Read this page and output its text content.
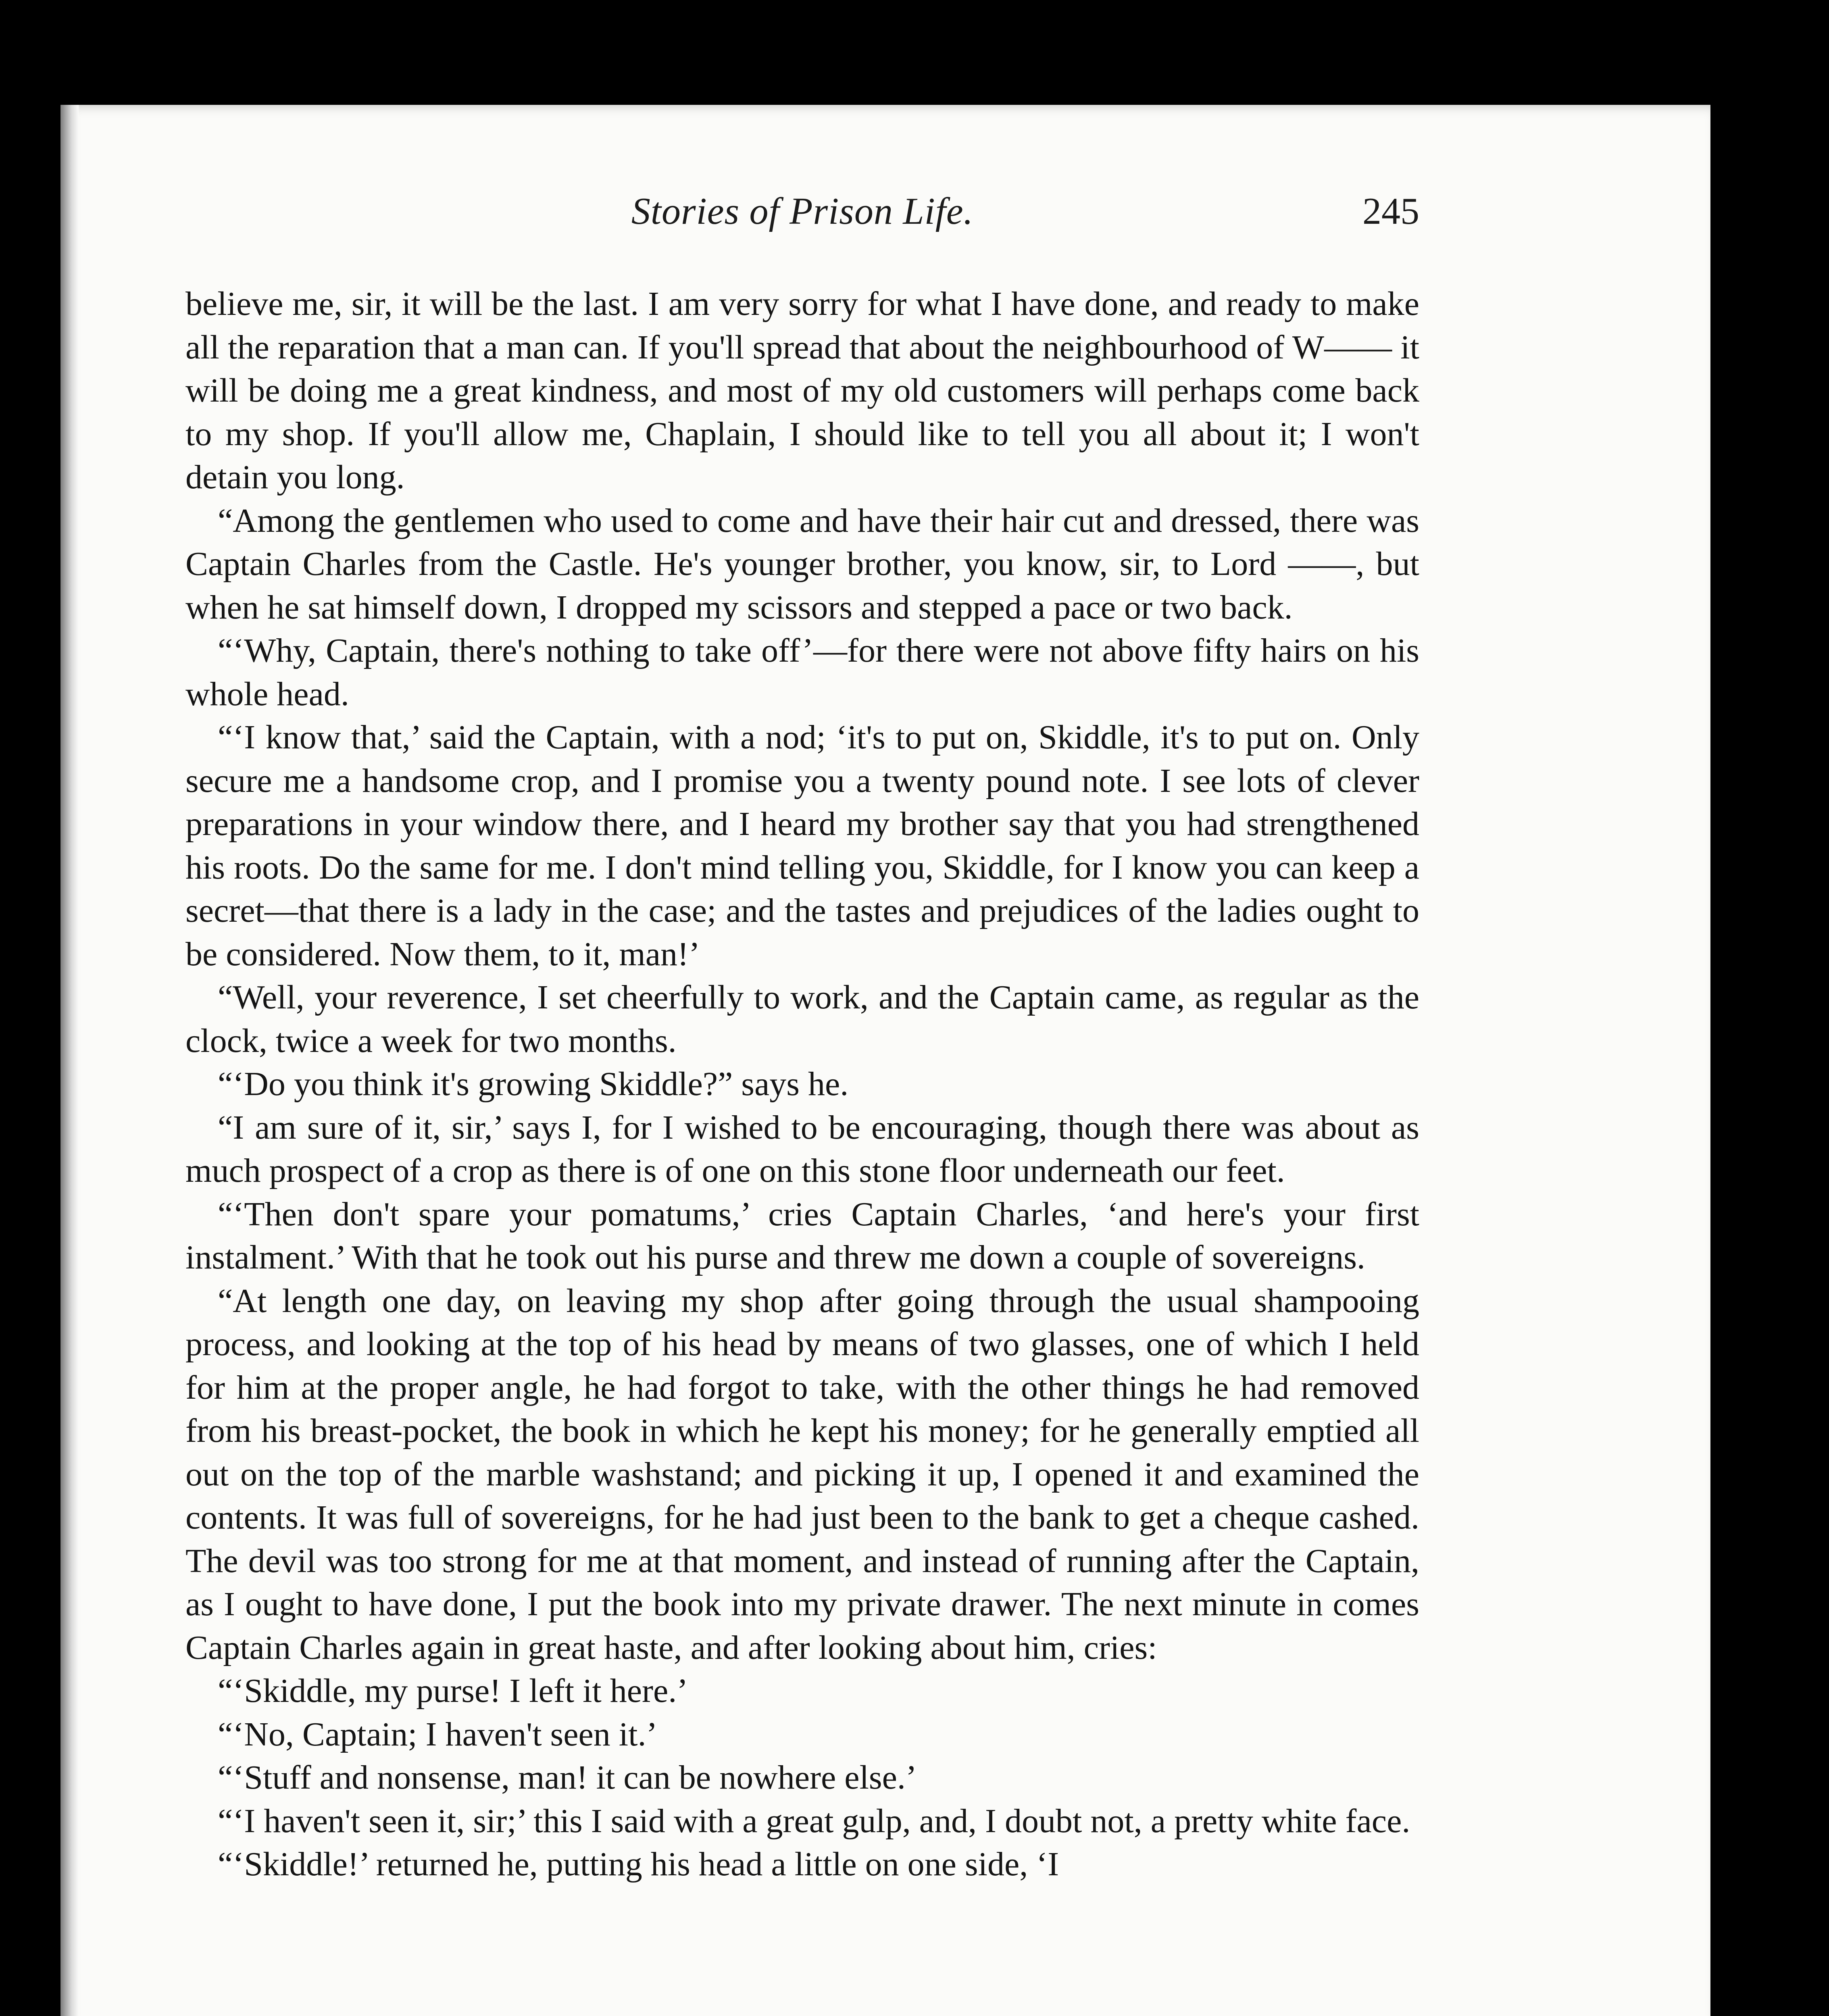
Stories of Prison Life.	245

believe me, sir, it will be the last. I am very sorry for what I have done, and ready to make all the reparation that a man can. If you'll spread that about the neighbourhood of W—— it will be doing me a great kindness, and most of my old customers will perhaps come back to my shop. If you'll allow me, Chaplain, I should like to tell you all about it; I won't detain you long.

“Among the gentlemen who used to come and have their hair cut and dressed, there was Captain Charles from the Castle. He's younger brother, you know, sir, to Lord ——, but when he sat himself down, I dropped my scissors and stepped a pace or two back.

“‘Why, Captain, there's nothing to take off’—for there were not above fifty hairs on his whole head.

“‘I know that,’ said the Captain, with a nod; ‘it's to put on, Skiddle, it's to put on. Only secure me a handsome crop, and I promise you a twenty pound note. I see lots of clever preparations in your window there, and I heard my brother say that you had strengthened his roots. Do the same for me. I don't mind telling you, Skiddle, for I know you can keep a secret—that there is a lady in the case; and the tastes and prejudices of the ladies ought to be considered. Now them, to it, man!’

“Well, your reverence, I set cheerfully to work, and the Captain came, as regular as the clock, twice a week for two months.

“‘Do you think it's growing Skiddle?” says he.

“I am sure of it, sir,’ says I, for I wished to be encouraging, though there was about as much prospect of a crop as there is of one on this stone floor underneath our feet.

“‘Then don't spare your pomatums,’ cries Captain Charles, ‘and here's your first instalment.’ With that he took out his purse and threw me down a couple of sovereigns.

“At length one day, on leaving my shop after going through the usual shampooing process, and looking at the top of his head by means of two glasses, one of which I held for him at the proper angle, he had forgot to take, with the other things he had removed from his breast-pocket, the book in which he kept his money; for he generally emptied all out on the top of the marble washstand; and picking it up, I opened it and examined the contents. It was full of sovereigns, for he had just been to the bank to get a cheque cashed. The devil was too strong for me at that moment, and instead of running after the Captain, as I ought to have done, I put the book into my private drawer. The next minute in comes Captain Charles again in great haste, and after looking about him, cries:

“‘Skiddle, my purse! I left it here.’

“‘No, Captain; I haven't seen it.’

“‘Stuff and nonsense, man! it can be nowhere else.’

“‘I haven't seen it, sir;’ this I said with a great gulp, and, I doubt not, a pretty white face.

“‘Skiddle!’ returned he, putting his head a little on one side, ‘I
